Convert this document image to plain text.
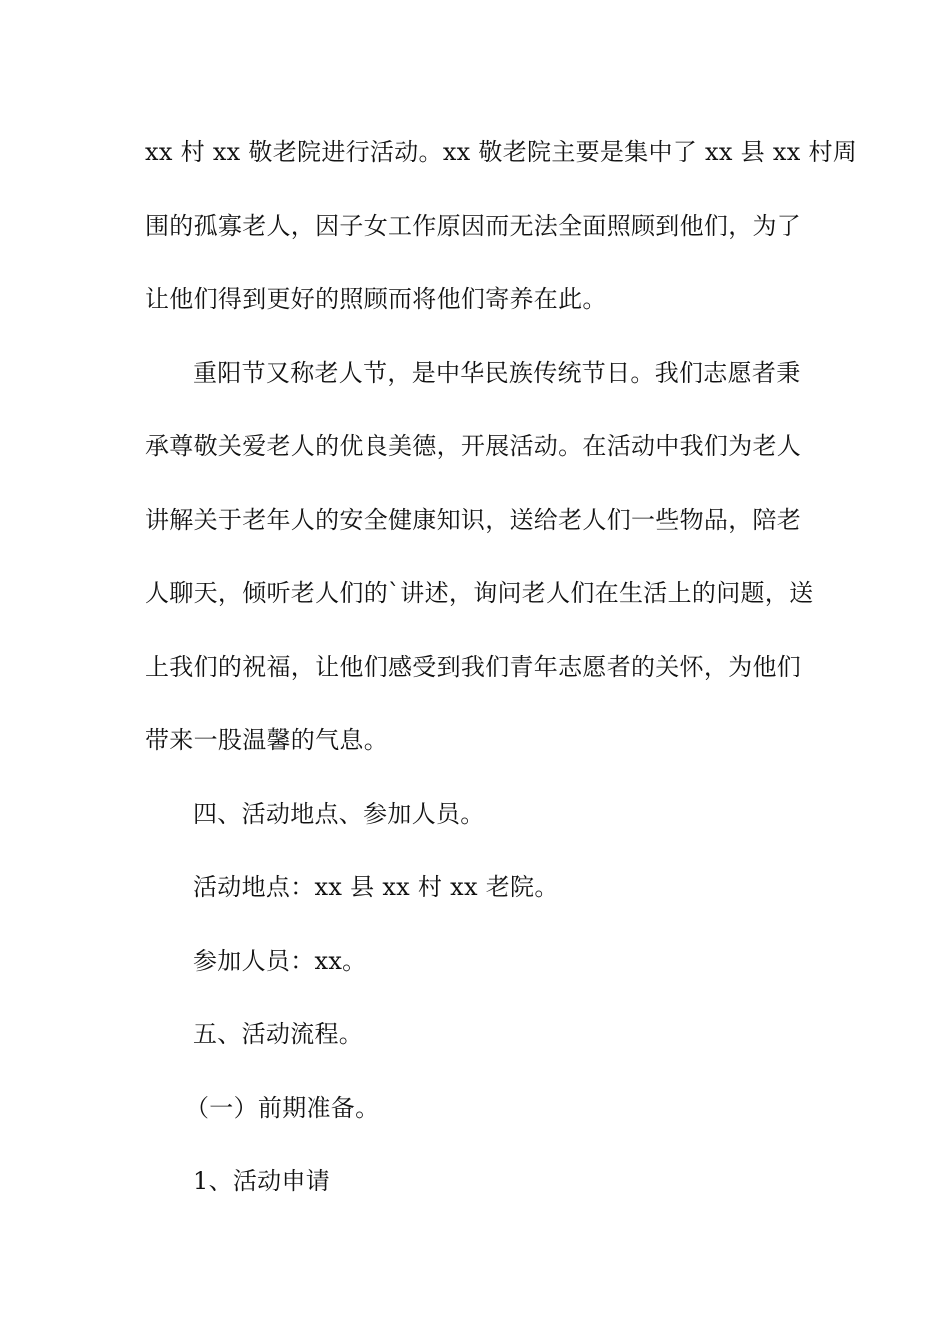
xx 村 xx 敬老院进行活动。xx 敬老院主要是集中了 xx 县 xx 村周
围的孤寡老人，因子女工作原因而无法全面照顾到他们，为了
让他们得到更好的照顾而将他们寄养在此。
重阳节又称老人节，是中华民族传统节日。我们志愿者秉
承尊敬关爱老人的优良美德，开展活动。在活动中我们为老人
讲解关于老年人的安全健康知识，送给老人们一些物品，陪老
人聊天，倾听老人们的`讲述，询问老人们在生活上的问题，送
上我们的祝福，让他们感受到我们青年志愿者的关怀，为他们
带来一股温馨的气息。
四、活动地点、参加人员。
活动地点：xx 县 xx 村 xx 老院。
参加人员：xx。
五、活动流程。
（一）前期准备。
1、活动申请
